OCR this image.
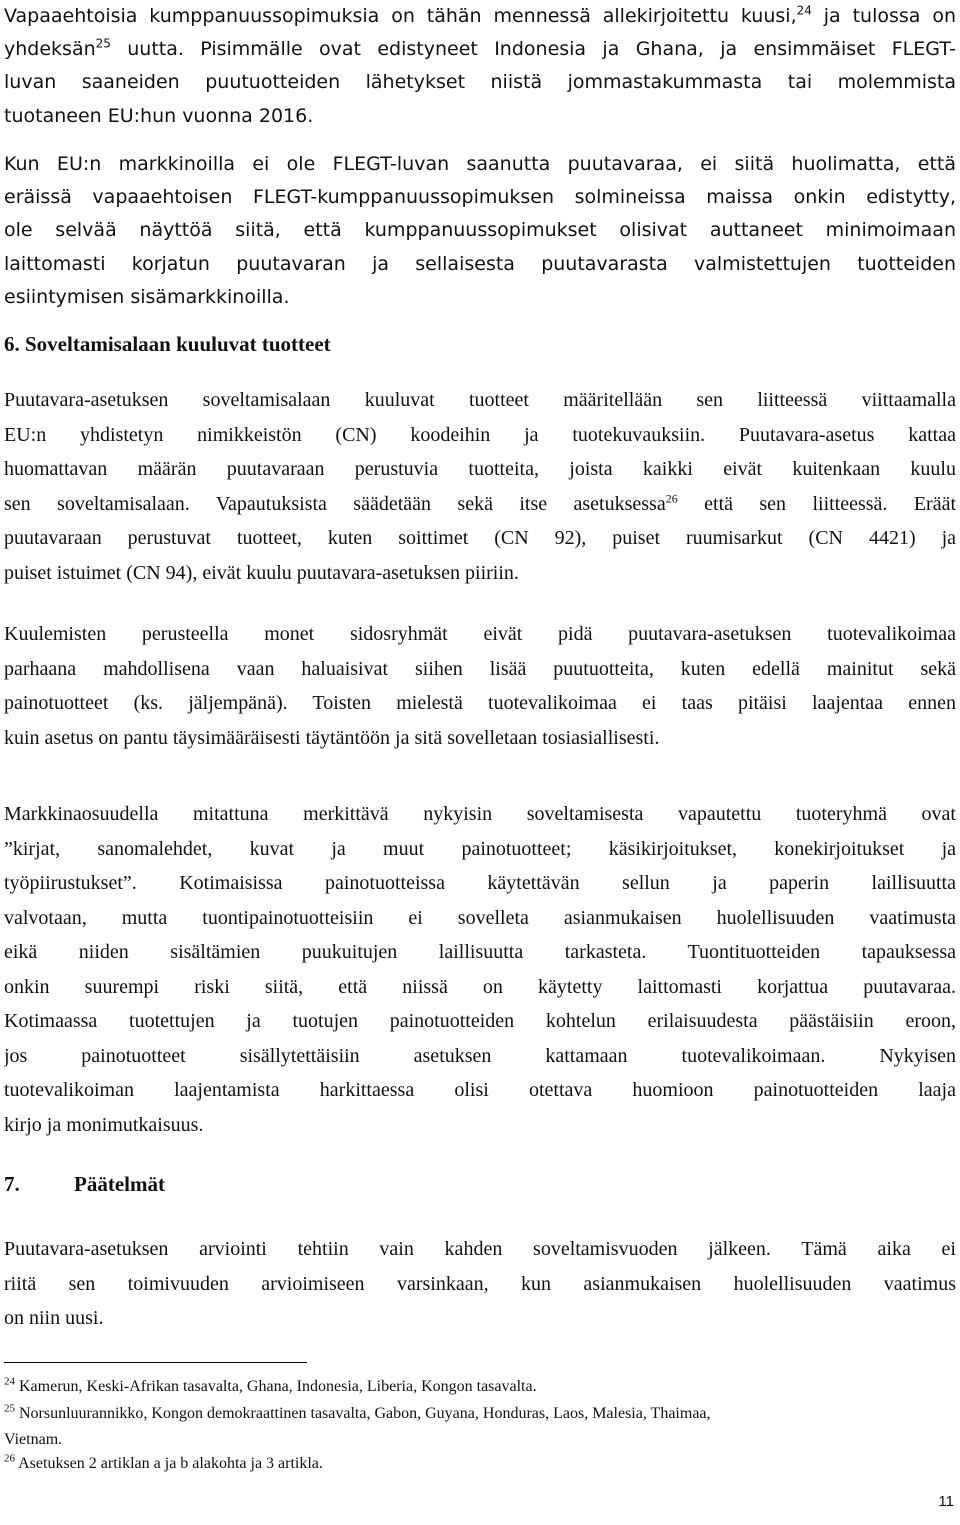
Vapaaehtoisia kumppanuussopimuksia on tähän mennessä allekirjoitettu kuusi,$^{24}$ ja tulossa on
yhdeksän$^{25}$ uutta. Pisimmälle ovat edistyneet Indonesia ja Ghana, ja ensimmäiset FLEGT-
luvan saaneiden puutuotteiden lähetykset niistä jommastakummasta tai molemmista
tuotaneen EU:hun vuonna 2016.
Kun EU:n markkinoilla ei ole FLEGT-luvan saanutta puutavaraa, ei siitä huolimatta, että
eräissä vapaaehtoisen FLEGT-kumppanuussopimuksen solmineissa maissa onkin edistytty,
ole selvää näyttöä siitä, että kumppanuussopimukset olisivat auttaneet minimoimaan
laittomasti korjatun puutavaran ja sellaisesta puutavarasta valmistettujen tuotteiden
esiintymisen sisämarkkinoilla.
6. Soveltamisalaan kuuluvat tuotteet
Puutavara-asetuksen soveltamisalaan kuuluvat tuotteet määritellään sen liitteessä viittaamalla
EU:n yhdistetyn nimikkeistön (CN) koodeihin ja tuotekuvauksiin. Puutavara-asetus kattaa
huomattavan määrän puutavaraan perustuvia tuotteita, joista kaikki eivät kuitenkaan kuulu
sen soveltamisalaan. Vapautuksista säädetään sekä itse asetuksessa$^{26}$ että sen liitteessä. Eräät
puutavaraan perustuvat tuotteet, kuten soittimet (CN 92), puiset ruumisarkut (CN 4421) ja
puiset istuimet (CN 94), eivät kuulu puutavara-asetuksen piiriin.
Kuulemisten perusteella monet sidosryhmät eivät pidä puutavara-asetuksen tuotevalikoimaa
parhaana mahdollisena vaan haluaisivat siihen lisää puutuotteita, kuten edellä mainitut sekä
painotuotteet (ks. jäljempänä). Toisten mielestä tuotevalikoimaa ei taas pitäisi laajentaa ennen
kuin asetus on pantu täysimääräisesti täytäntöön ja sitä sovelletaan tosiasiallisesti.
Markkinaosuudella mitattuna merkittävä nykyisin soveltamisesta vapautettu tuoteryhmä ovat
”kirjat, sanomalehdet, kuvat ja muut painotuotteet; käsikirjoitukset, konekirjoitukset ja
työpiirustukset”. Kotimaisissa painotuotteissa käytettävän sellun ja paperin laillisuutta
valvotaan, mutta tuontipainotuotteisiin ei sovelleta asianmukaisen huolellisuuden vaatimusta
eikä niiden sisältämien puukuitujen laillisuutta tarkasteta. Tuontituotteiden tapauksessa
onkin suurempi riski siitä, että niissä on käytetty laittomasti korjattua puutavaraa.
Kotimaassa tuotettujen ja tuotujen painotuotteiden kohtelun erilaisuudesta päästäisiin eroon,
jos painotuotteet sisällytettäisiin asetuksen kattamaan tuotevalikoimaan. Nykyisen
tuotevalikoiman laajentamista harkittaessa olisi otettava huomioon painotuotteiden laaja
kirjo ja monimutkaisuus.
7.	Päätelmät
Puutavara-asetuksen arviointi tehtiin vain kahden soveltamisvuoden jälkeen. Tämä aika ei
riitä sen toimivuuden arvioimiseen varsinkaan, kun asianmukaisen huolellisuuden vaatimus
on niin uusi.
$^{24}$ Kamerun, Keski-Afrikan tasavalta, Ghana, Indonesia, Liberia, Kongon tasavalta.
$^{25}$ Norsunluurannikko, Kongon demokraattinen tasavalta, Gabon, Guyana, Honduras, Laos, Malesia, Thaimaa,
Vietnam.
$^{26}$ Asetuksen 2 artiklan a ja b alakohta ja 3 artikla.
11
